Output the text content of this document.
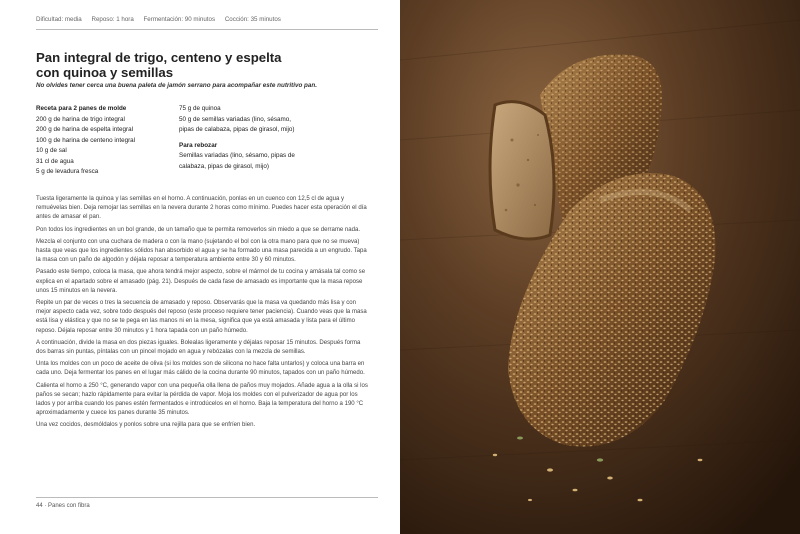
Dificultad: media Reposo: 1 hora Fermentación: 90 minutos Cocción: 35 minutos
Pan integral de trigo, centeno y espelta
con quinoa y semillas
No olvides tener cerca una buena paleta de jamón serrano para acompañar este nutritivo pan.
Receta para 2 panes de molde
200 g de harina de trigo integral
200 g de harina de espelta integral
100 g de harina de centeno integral
10 g de sal
31 cl de agua
5 g de levadura fresca
75 g de quinoa
50 g de semillas variadas (lino, sésamo,
pipas de calabaza, pipas de girasol, mijo)
Para rebozar
Semillas variadas (lino, sésamo, pipas de
calabaza, pipas de girasol, mijo)

Tuesta ligeramente la quinoa y las semillas en el horno. A continuación, ponlas en un cuenco con 12,5 cl de agua y remuévelas bien. Deja remojar las semillas en la nevera durante 2 horas como mínimo. Puedes hacer esta operación el día antes de amasar el pan.

Pon todos los ingredientes en un bol grande, de un tamaño que te permita removerlos sin miedo a que se derrame nada.

Mezcla el conjunto con una cuchara de madera o con la mano (sujetando el bol con la otra mano para que no se mueva) hasta que veas que los ingredientes sólidos han absorbido el agua y se ha formado una masa parecida a un engrudo. Tapa la masa con un paño de algodón y déjala reposar a temperatura ambiente entre 30 y 60 minutos.

Pasado este tiempo, coloca la masa, que ahora tendrá mejor aspecto, sobre el mármol de tu cocina y amásala tal como se explica en el apartado sobre el amasado (pág. 21). Después de cada fase de amasado es importante que la masa repose unos 15 minutos en la nevera.

Repite un par de veces o tres la secuencia de amasado y reposo. Observarás que la masa va quedando más lisa y con mejor aspecto cada vez, sobre todo después del reposo (este proceso requiere tener paciencia). Cuando veas que la masa está lisa y elástica y que no se te pega en las manos ni en la mesa, significa que ya está amasada y lista para el último reposo. Déjala reposar entre 30 minutos y 1 hora tapada con un paño húmedo.

A continuación, divide la masa en dos piezas iguales. Bolealas ligeramente y déjalas reposar 15 minutos. Después forma dos barras sin puntas, píntalas con un pincel mojado en agua y rebózalas con la mezcla de semillas.

Unta los moldes con un poco de aceite de oliva (si los moldes son de silicona no hace falta untarlos) y coloca una barra en cada uno. Deja fermentar los panes en el lugar más cálido de la cocina durante 90 minutos, tapados con un paño húmedo.

Calienta el horno a 250 °C, generando vapor con una pequeña olla llena de paños muy mojados. Añade agua a la olla si los paños se secan; hazlo rápidamente para evitar la pérdida de vapor. Moja los moldes con el pulverizador de agua por los lados y por arriba cuando los panes estén fermentados e introdúcelos en el horno. Baja la temperatura del horno a 190 °C aproximadamente y cuece los panes durante 35 minutos.

Una vez cocidos, desmóldalos y ponlos sobre una rejilla para que se enfríen bien.

44 · Panes con fibra
